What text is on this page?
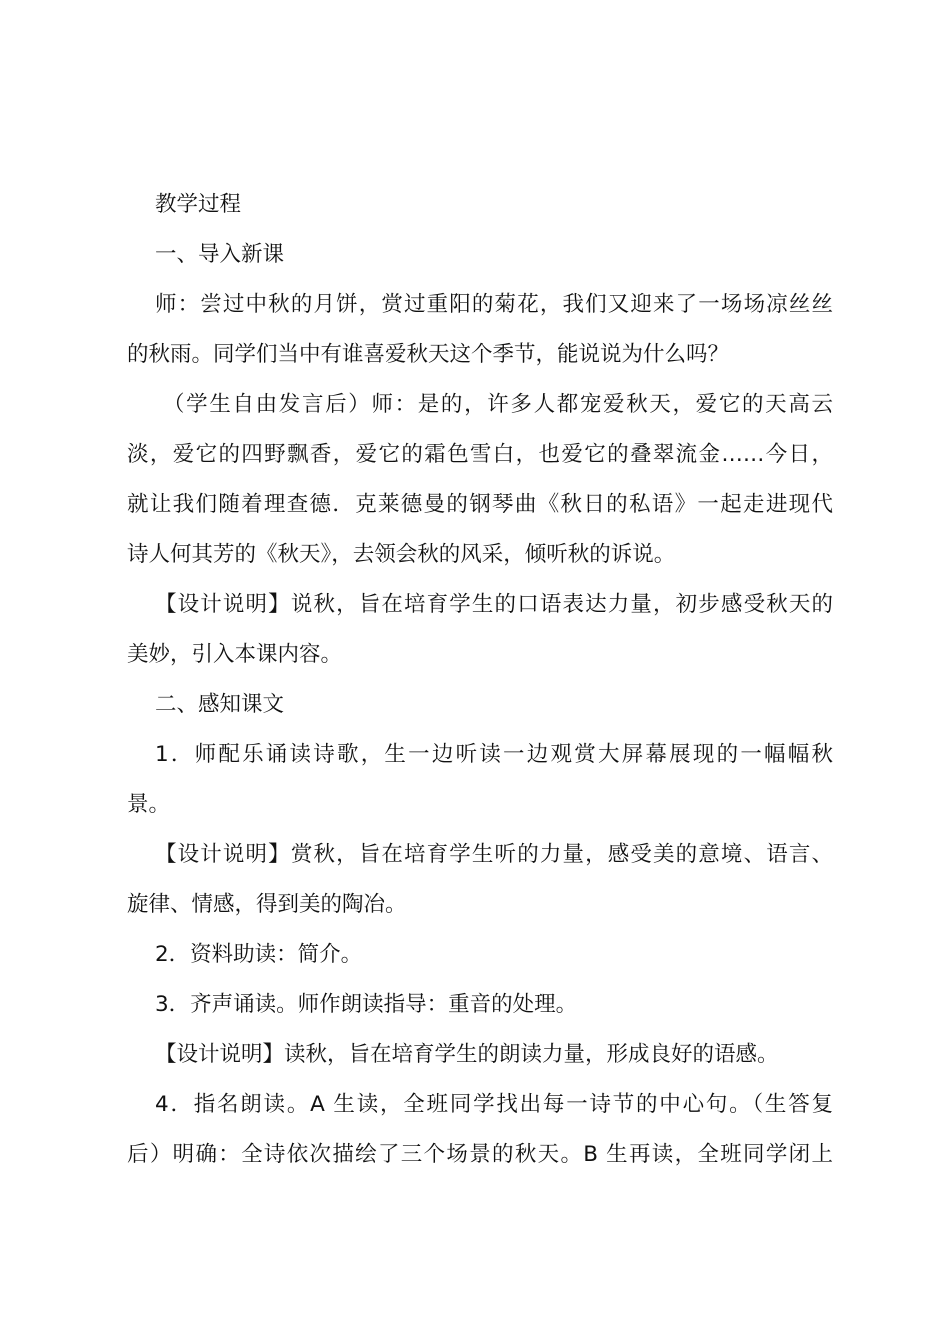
教学过程
一、导入新课
师：尝过中秋的月饼，赏过重阳的菊花，我们又迎来了一场场凉丝丝
的秋雨。同学们当中有谁喜爱秋天这个季节，能说说为什么吗？
（学生自由发言后）师：是的，许多人都宠爱秋天，爱它的天高云
淡，爱它的四野飘香，爱它的霜色雪白，也爱它的叠翠流金……今日，
就让我们随着理查德．克莱德曼的钢琴曲《秋日的私语》一起走进现代
诗人何其芳的《秋天》，去领会秋的风采，倾听秋的诉说。
【设计说明】说秋，旨在培育学生的口语表达力量，初步感受秋天的
美妙，引入本课内容。
二、感知课文
1．师配乐诵读诗歌，生一边听读一边观赏大屏幕展现的一幅幅秋
景。
【设计说明】赏秋，旨在培育学生听的力量，感受美的意境、语言、
旋律、情感，得到美的陶冶。
2．资料助读：简介。
3．齐声诵读。师作朗读指导：重音的处理。
【设计说明】读秋，旨在培育学生的朗读力量，形成良好的语感。
4．指名朗读。A 生读，全班同学找出每一诗节的中心句。（生答复
后）明确：全诗依次描绘了三个场景的秋天。B 生再读，全班同学闭上
